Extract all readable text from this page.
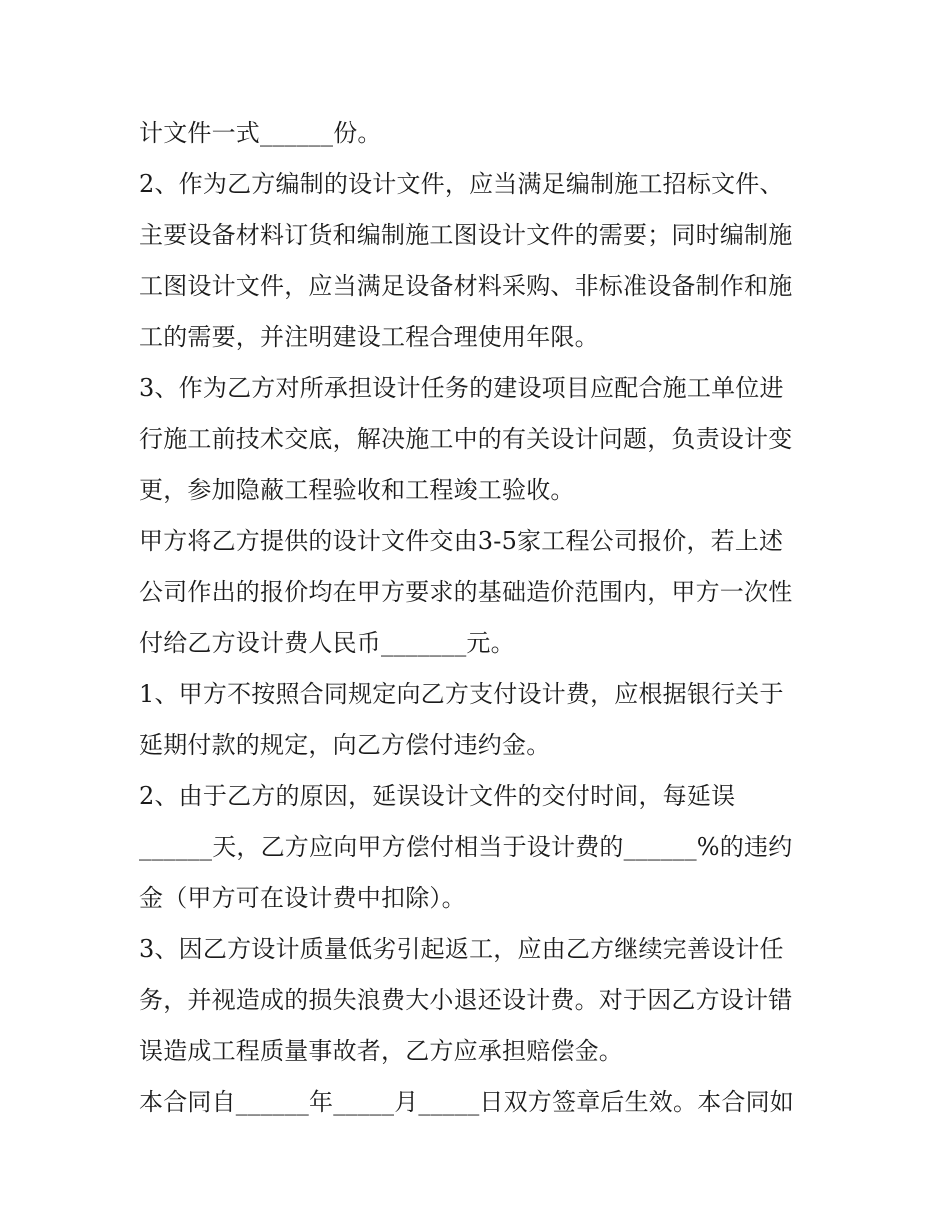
计文件一式______份。
2、作为乙方编制的设计文件，应当满足编制施工招标文件、
主要设备材料订货和编制施工图设计文件的需要；同时编制施
工图设计文件，应当满足设备材料采购、非标准设备制作和施
工的需要，并注明建设工程合理使用年限。
3、作为乙方对所承担设计任务的建设项目应配合施工单位进
行施工前技术交底，解决施工中的有关设计问题，负责设计变
更，参加隐蔽工程验收和工程竣工验收。
甲方将乙方提供的设计文件交由3-5家工程公司报价，若上述
公司作出的报价均在甲方要求的基础造价范围内，甲方一次性
付给乙方设计费人民币_______元。
1、甲方不按照合同规定向乙方支付设计费，应根据银行关于
延期付款的规定，向乙方偿付违约金。
2、由于乙方的原因，延误设计文件的交付时间，每延误
______天，乙方应向甲方偿付相当于设计费的______%的违约
金（甲方可在设计费中扣除）。
3、因乙方设计质量低劣引起返工，应由乙方继续完善设计任
务，并视造成的损失浪费大小退还设计费。对于因乙方设计错
误造成工程质量事故者，乙方应承担赔偿金。
本合同自______年_____月_____日双方签章后生效。本合同如
